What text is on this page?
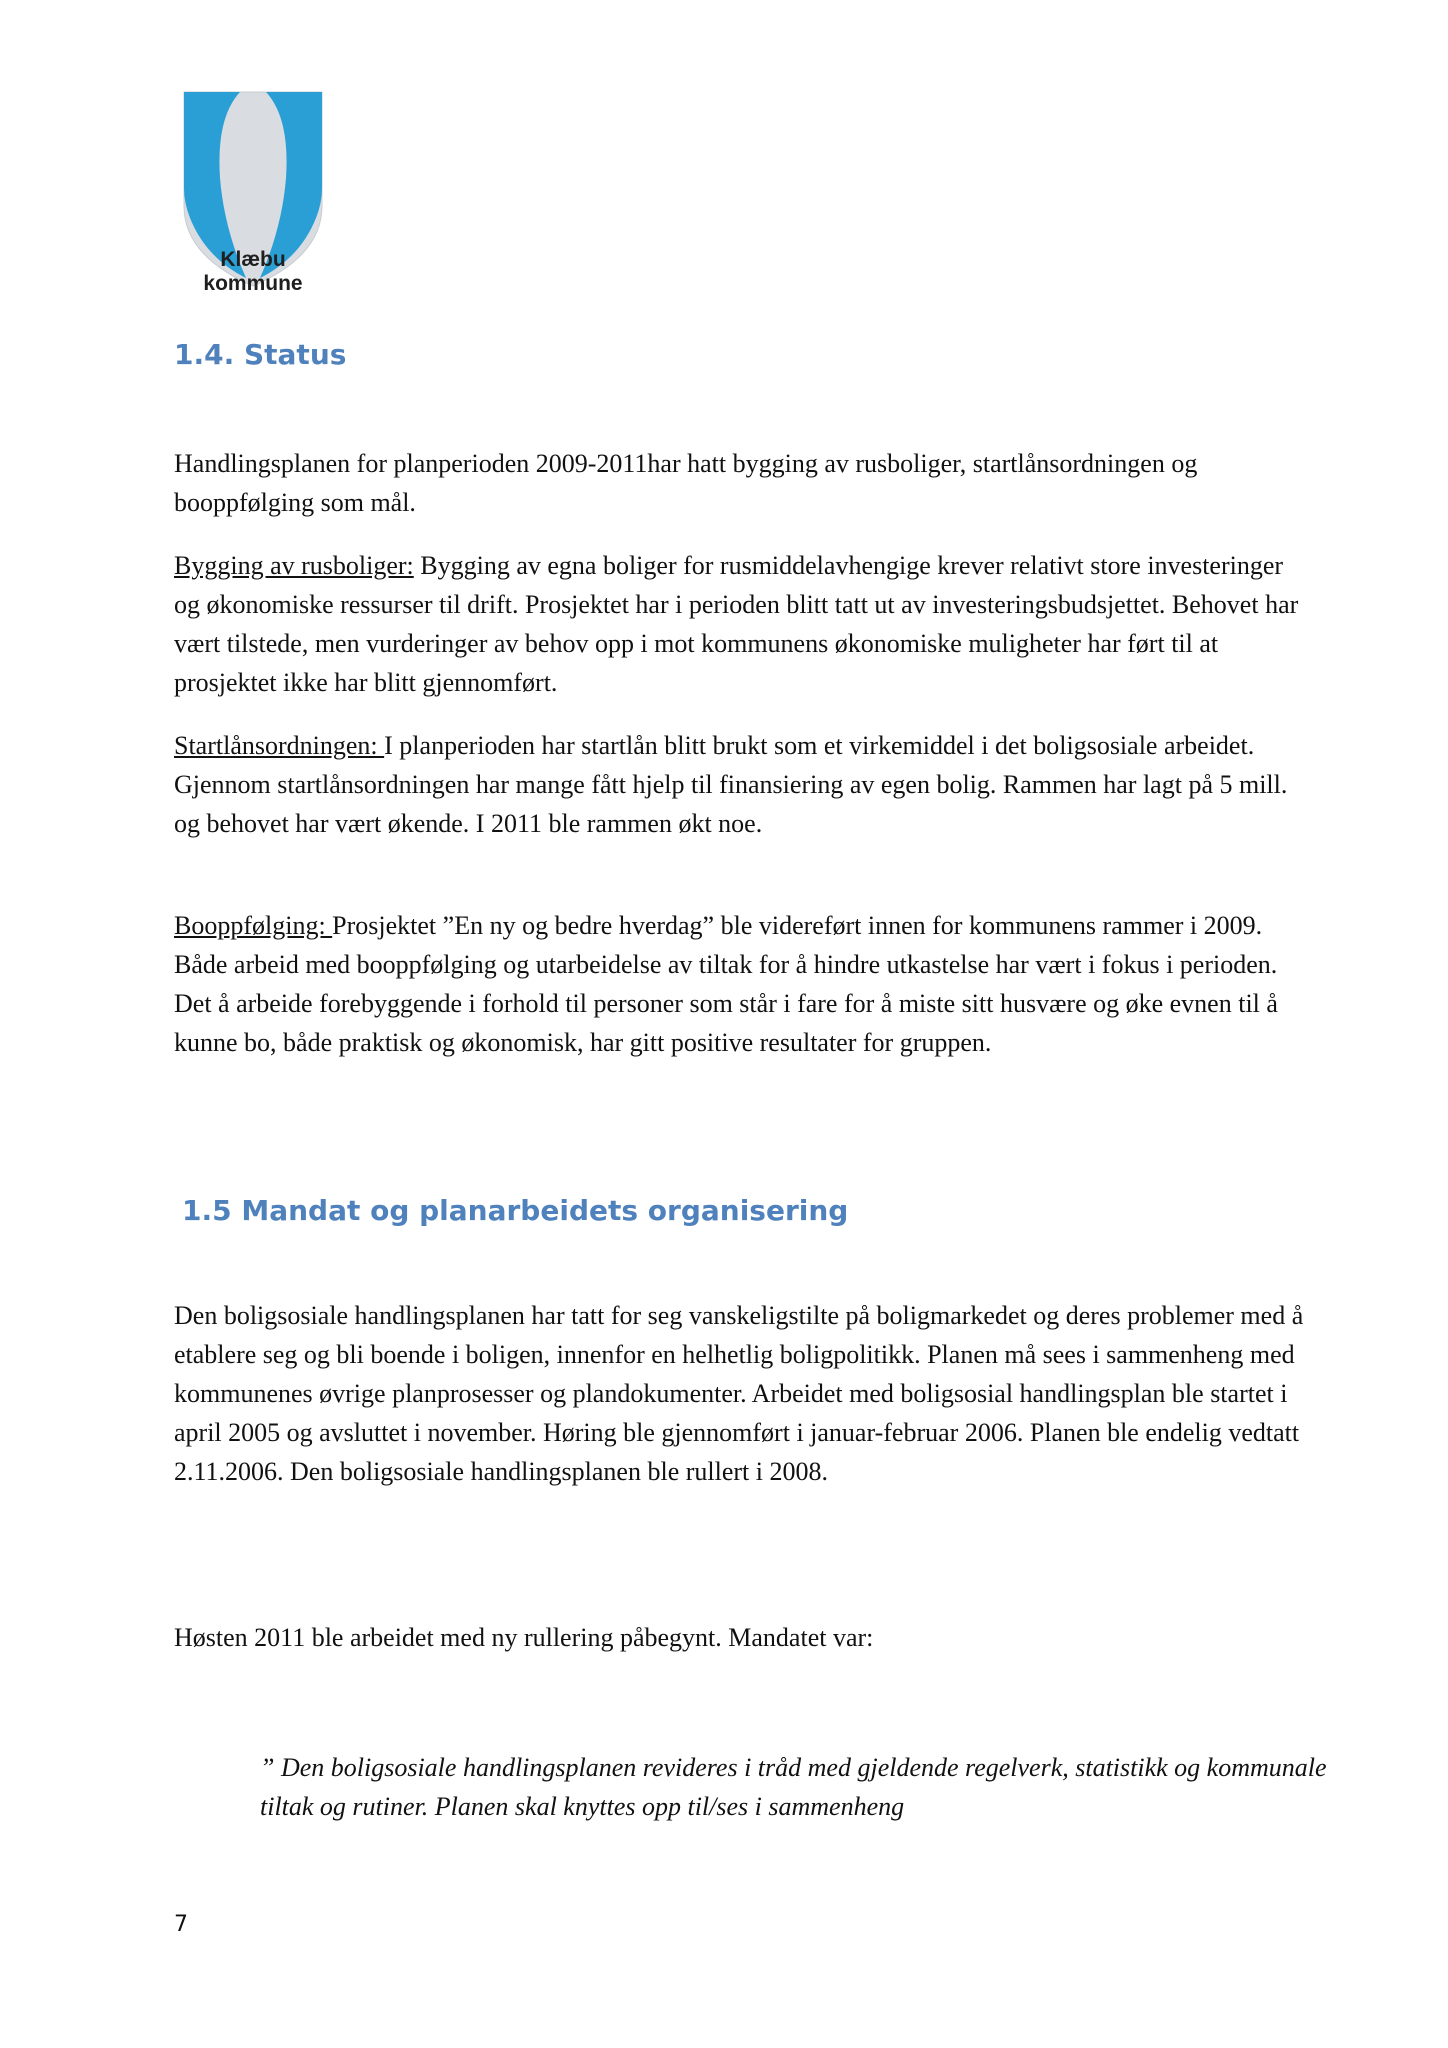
Klæbu
kommune
1.4. Status

Handlingsplanen for planperioden 2009-2011har hatt bygging av rusboliger, startlånsordningen og booppfølging som mål.

Bygging av rusboliger: Bygging av egna boliger for rusmiddelavhengige krever relativt store investeringer og økonomiske ressurser til drift. Prosjektet har i perioden blitt tatt ut av investeringsbudsjettet. Behovet har vært tilstede, men vurderinger av behov opp i mot kommunens økonomiske muligheter har ført til at prosjektet ikke har blitt gjennomført.

Startlånsordningen: I planperioden har startlån blitt brukt som et virkemiddel i det boligsosiale arbeidet. Gjennom startlånsordningen har mange fått hjelp til finansiering av egen bolig. Rammen har lagt på 5 mill. og behovet har vært økende. I 2011 ble rammen økt noe.

Booppfølging: Prosjektet ”En ny og bedre hverdag” ble videreført innen for kommunens rammer i 2009. Både arbeid med booppfølging og utarbeidelse av tiltak for å hindre utkastelse har vært i fokus i perioden. Det å arbeide forebyggende i forhold til personer som står i fare for å miste sitt husvære og øke evnen til å kunne bo, både praktisk og økonomisk, har gitt positive resultater for gruppen.

1.5 Mandat og planarbeidets organisering

Den boligsosiale handlingsplanen har tatt for seg vanskeligstilte på boligmarkedet og deres problemer med å etablere seg og bli boende i boligen, innenfor en helhetlig boligpolitikk. Planen må sees i sammenheng med kommunenes øvrige planprosesser og plandokumenter. Arbeidet med boligsosial handlingsplan ble startet i april 2005 og avsluttet i november. Høring ble gjennomført i januar-februar 2006. Planen ble endelig vedtatt 2.11.2006. Den boligsosiale handlingsplanen ble rullert i 2008.

Høsten 2011 ble arbeidet med ny rullering påbegynt. Mandatet var:

” Den boligsosiale handlingsplanen revideres i tråd med gjeldende regelverk, statistikk og kommunale tiltak og rutiner. Planen skal knyttes opp til/ses i sammenheng

7
